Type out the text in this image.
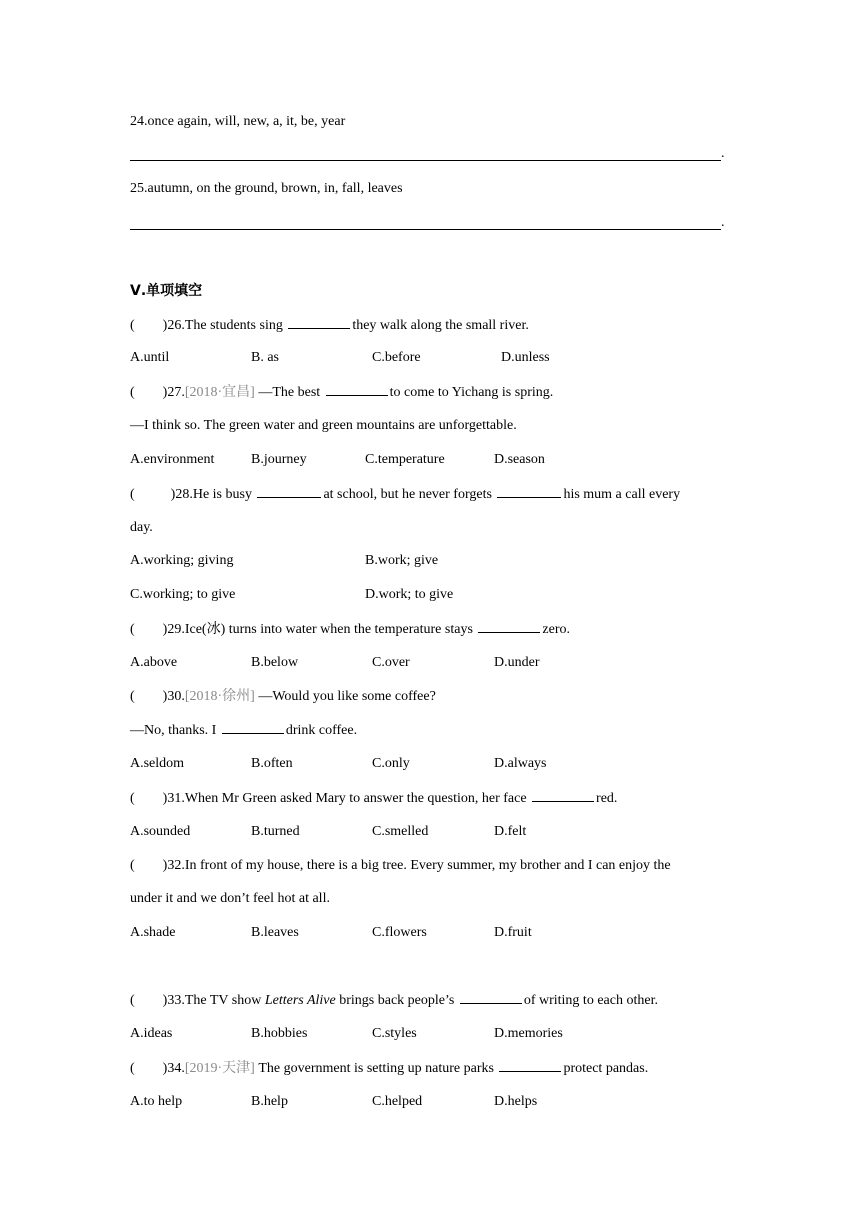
24.once again, will, new, a, it, be, year
.
25.autumn, on the ground, brown, in, fall, leaves
.
Ⅴ.单项填空
( )26.The students sing	they walk along the small river.
A.until	B. as	C.before	D.unless
( )27.[2018·宜昌] —The best	to come to Yichang is spring.
—I think so. The green water and green mountains are unforgettable.
A.environment	B.journey	C.temperature	D.season
(	)28.He is busy	at school, but he never forgets	his mum a call every
day.
A.working; giving	B.work; give
C.working; to give	D.work; to give
( )29.Ice(冰) turns into water when the temperature stays	zero.
A.above	B.below	C.over	D.under
( )30.[2018·徐州] —Would you like some coffee?
—No, thanks. I	drink coffee.
A.seldom	B.often	C.only	D.always
( )31.When Mr Green asked Mary to answer the question, her face	red.
A.sounded	B.turned	C.smelled	D.felt
( )32.In front of my house, there is a big tree. Every summer, my brother and I can enjoy the
under it and we don’t feel hot at all.
A.shade	B.leaves	C.flowers	D.fruit
( )33.The TV show Letters Alive brings back people’s	of writing to each other.
A.ideas	B.hobbies	C.styles	D.memories
( )34.[2019·天津] The government is setting up nature parks	protect pandas.
A.to help	B.help	C.helped	D.helps
